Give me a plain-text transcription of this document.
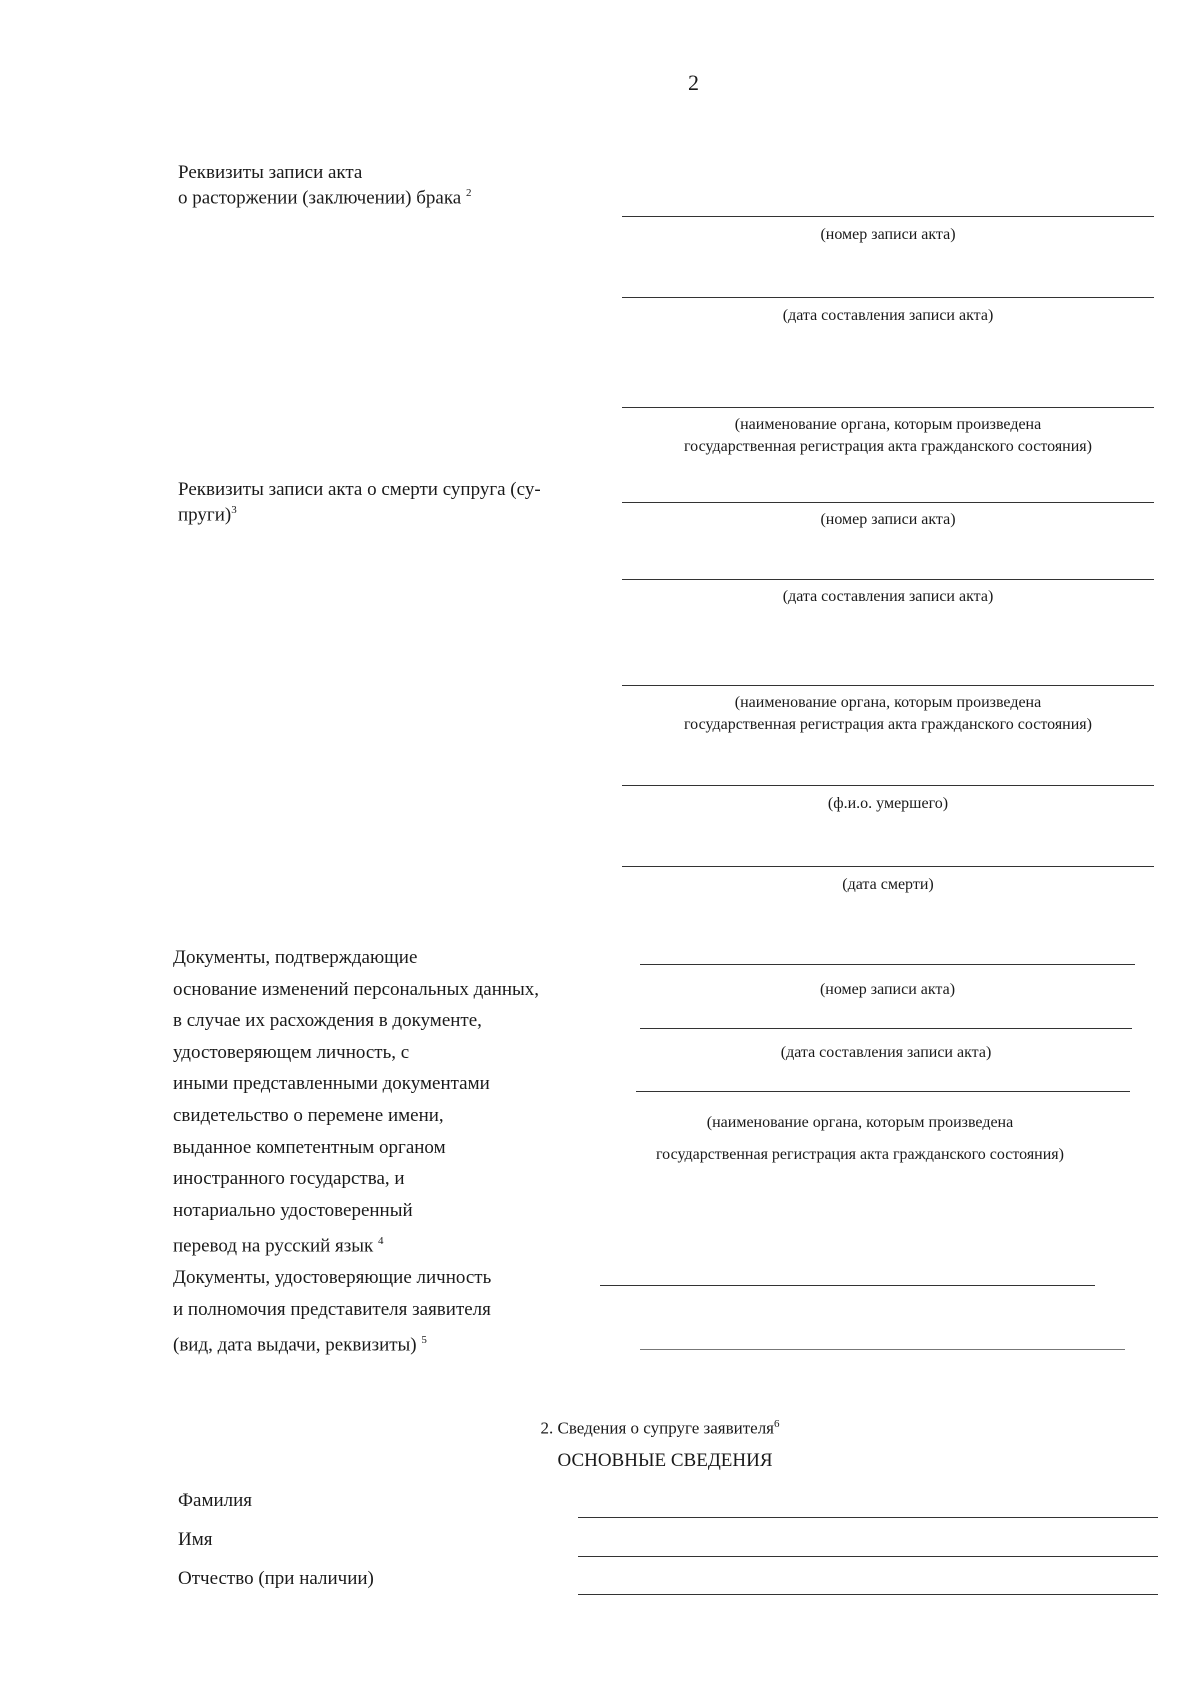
2
Реквизиты записи акта
о расторжении (заключении) брака $^2$
(номер записи акта)
(дата составления записи акта)
(наименование органа, которым произведена
государственная регистрация акта гражданского состояния)
Реквизиты записи акта о смерти супруга (су-
пруги)$^3$
(номер записи акта)
(дата составления записи акта)
(наименование органа, которым произведена
государственная регистрация акта гражданского состояния)
(ф.и.о. умершего)
(дата смерти)
Документы, подтверждающие
основание изменений персональных данных,
в случае их расхождения в документе,
удостоверяющем личность, с
иными представленными документами
свидетельство о перемене имени,
выданное компетентным органом
иностранного государства, и
нотариально удостоверенный
перевод на русский язык $^4$
(номер записи акта)
(дата составления записи акта)
(наименование органа, которым произведена
государственная регистрация акта гражданского состояния)
Документы, удостоверяющие личность
и полномочия представителя заявителя
(вид, дата выдачи, реквизиты) $^5$
2. Сведения о супруге заявителя$^6$
ОСНОВНЫЕ СВЕДЕНИЯ
Фамилия
Имя
Отчество (при наличии)
